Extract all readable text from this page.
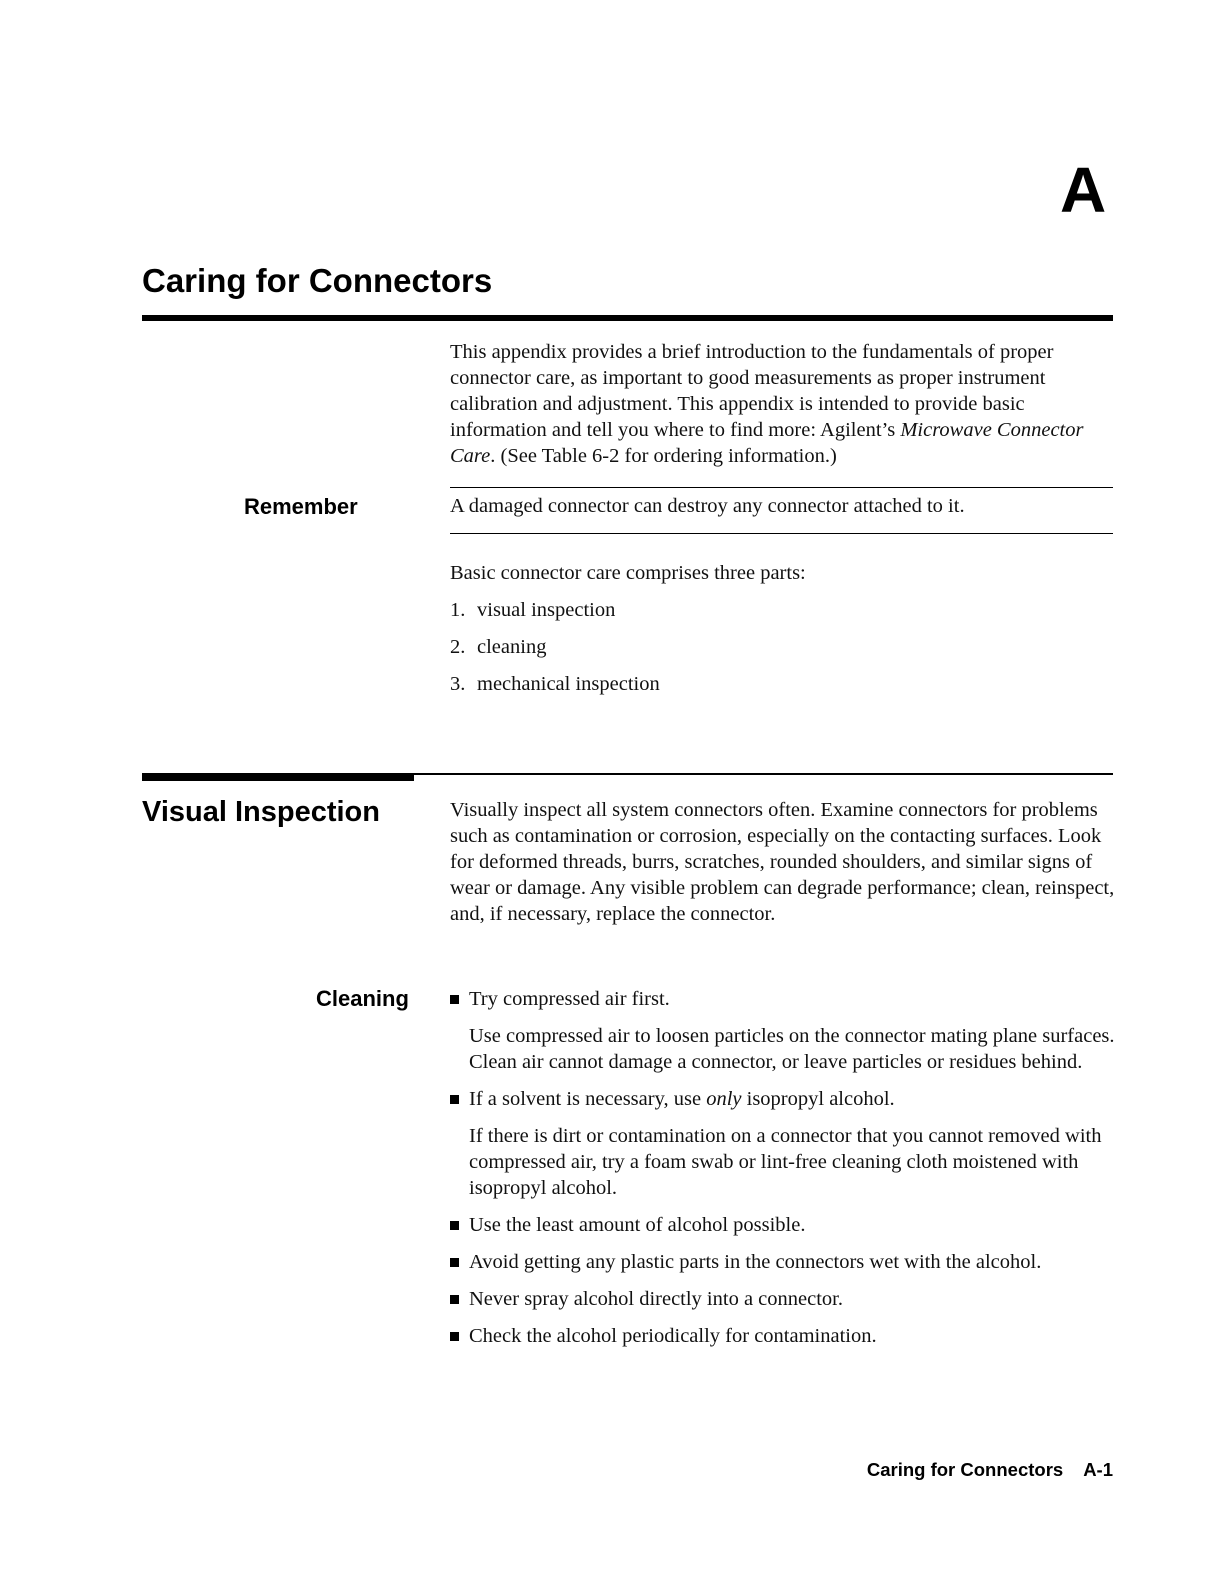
A
Caring for Connectors

This appendix provides a brief introduction to the fundamentals of proper connector care, as important to good measurements as proper instrument calibration and adjustment. This appendix is intended to provide basic information and tell you where to find more: Agilent’s Microwave Connector Care. (See Table 6-2 for ordering information.)

Remember	A damaged connector can destroy any connector attached to it.

Basic connector care comprises three parts:

1. visual inspection
2. cleaning
3. mechanical inspection
Visual Inspection	Visually inspect all system connectors often. Examine connectors for problems such as contamination or corrosion, especially on the contacting surfaces. Look for deformed threads, burrs, scratches, rounded shoulders, and similar signs of wear or damage. Any visible problem can degrade performance; clean, reinspect, and, if necessary, replace the connector.

Cleaning	Try compressed air first.

Use compressed air to loosen particles on the connector mating plane surfaces. Clean air cannot damage a connector, or leave particles or residues behind.

If a solvent is necessary, use only isopropyl alcohol.

If there is dirt or contamination on a connector that you cannot removed with compressed air, try a foam swab or lint-free cleaning cloth moistened with isopropyl alcohol.

Use the least amount of alcohol possible.

Avoid getting any plastic parts in the connectors wet with the alcohol.

Never spray alcohol directly into a connector.

Check the alcohol periodically for contamination.

Caring for Connectors A-1
